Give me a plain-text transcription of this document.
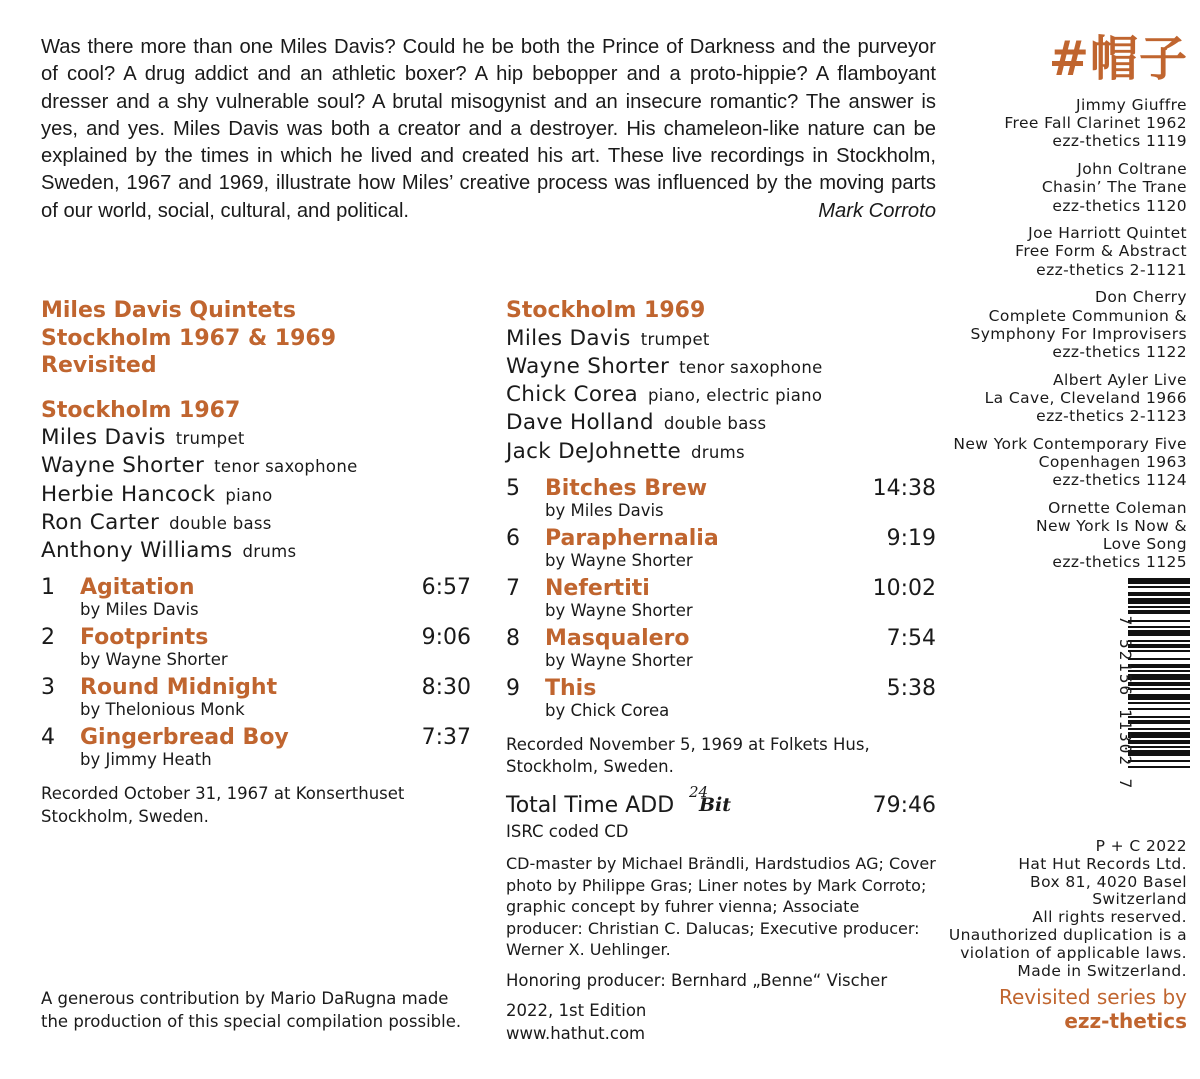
Was there more than one Miles Davis? Could he be both the Prince of Darkness and the purveyor of cool? A drug addict and an athletic boxer? A hip bebopper and a proto-hippie? A flamboyant dresser and a shy vulnerable soul? A brutal misogynist and an insecure romantic? The answer is yes, and yes. Miles Davis was both a creator and a destroyer. His chameleon-like nature can be explained by the times in which he lived and created his art. These live recordings in Stockholm, Sweden, 1967 and 1969, illustrate how Miles’ creative process was influenced by the moving parts of our world, social, cultural, and political.	Mark Corroto
Miles Davis Quintets
Stockholm 1967 & 1969
Revisited
Stockholm 1967
Miles Davis trumpet
Wayne Shorter tenor saxophone
Herbie Hancock piano
Ron Carter double bass
Anthony Williams drums
1 Agitation	6:57
by Miles Davis
2 Footprints	9:06
by Wayne Shorter
3 Round Midnight	8:30
by Thelonious Monk
4 Gingerbread Boy	7:37
by Jimmy Heath
Recorded October 31, 1967 at Konserthuset
Stockholm, Sweden.
A generous contribution by Mario DaRugna made
the production of this special compilation possible.
Stockholm 1969
Miles Davis trumpet
Wayne Shorter tenor saxophone
Chick Corea piano, electric piano
Dave Holland double bass
Jack DeJohnette drums
5 Bitches Brew	14:38
by Miles Davis
6 Paraphernalia	9:19
by Wayne Shorter
7 Nefertiti	10:02
by Wayne Shorter
8 Masqualero	7:54
by Wayne Shorter
9 This	5:38
by Chick Corea
Recorded November 5, 1969 at Folkets Hus,
Stockholm, Sweden.
Total Time ADD
24
Bit	79:46
ISRC coded CD
CD-master by Michael Brändli, Hardstudios AG; Cover photo by Philippe Gras; Liner notes by Mark Corroto; graphic concept by fuhrer vienna; Associate producer: Christian C. Dalucas; Executive producer: Werner X. Uehlinger.
Honoring producer: Bernhard „Benne“ Vischer
2022, 1st Edition
www.hathut.com
#帽子
Jimmy Giuffre
Free Fall Clarinet 1962
ezz-thetics 1119
John Coltrane
Chasin’ The Trane
ezz-thetics 1120
Joe Harriott Quintet
Free Form & Abstract
ezz-thetics 2-1121
Don Cherry
Complete Communion &
Symphony For Improvisers
ezz-thetics 1122
Albert Ayler Live
La Cave, Cleveland 1966
ezz-thetics 2-1123
New York Contemporary Five
Copenhagen 1963
ezz-thetics 1124
Ornette Coleman
New York Is Now &
Love Song
ezz-thetics 1125
7 52156 11302 7
P + C 2022
Hat Hut Records Ltd.
Box 81, 4020 Basel
Switzerland
All rights reserved.
Unauthorized duplication is a
violation of applicable laws.
Made in Switzerland.
Revisited series by
ezz-thetics
